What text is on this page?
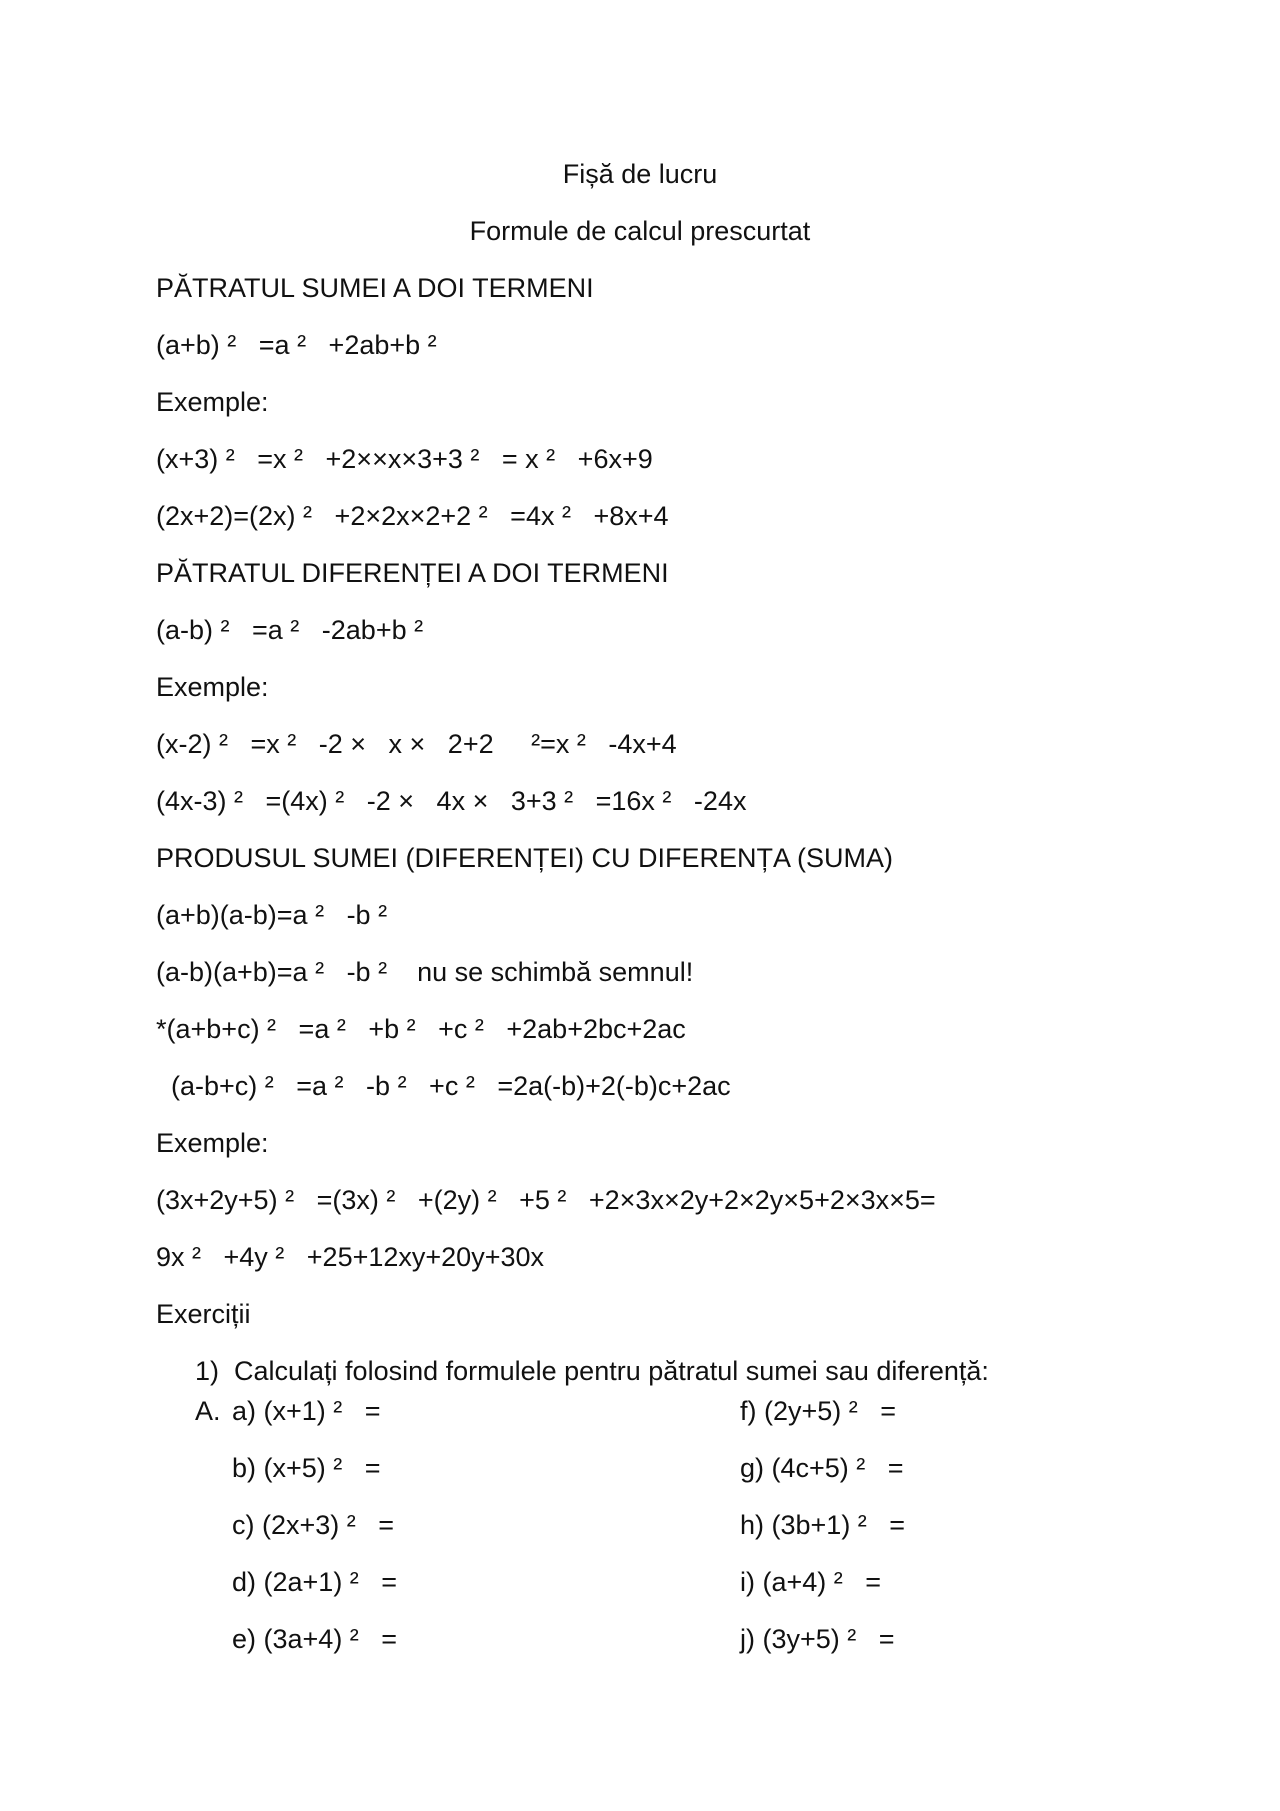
Fișă de lucru
Formule de calcul prescurtat
PĂTRATUL SUMEI A DOI TERMENI
(a+b) ²   =a ²   +2ab+b ²
Exemple:
(x+3) ²   =x ²   +2××x×3+3 ²   = x ²   +6x+9
(2x+2)=(2x) ²   +2×2x×2+2 ²   =4x ²   +8x+4
PĂTRATUL DIFERENȚEI A DOI TERMENI
(a-b) ²   =a ²   -2ab+b ²
Exemple:
(x-2) ²   =x ²   -2 ×   x ×   2+2     ²=x ²   -4x+4
(4x-3) ²   =(4x) ²   -2 ×   4x ×   3+3 ²   =16x ²   -24x
PRODUSUL SUMEI (DIFERENȚEI) CU DIFERENȚA (SUMA)
(a+b)(a-b)=a ²   -b ²
(a-b)(a+b)=a ²   -b ²    nu se schimbă semnul!
*(a+b+c) ²   =a ²   +b ²   +c ²   +2ab+2bc+2ac
(a-b+c) ²   =a ²   -b ²   +c ²   =2a(-b)+2(-b)c+2ac
Exemple:
(3x+2y+5) ²   =(3x) ²   +(2y) ²   +5 ²   +2×3x×2y+2×2y×5+2×3x×5=
9x ²   +4y ²   +25+12xy+20y+30x
Exerciții
1)  Calculați folosind formulele pentru pătratul sumei sau diferență:
A. a) (x+1) ²   =
b) (x+5) ²   =
c) (2x+3) ²   =
d) (2a+1) ²   =
e) (3a+4) ²   =
f) (2y+5) ²   =
g) (4c+5) ²   =
h) (3b+1) ²   =
i) (a+4) ²   =
j) (3y+5) ²   =
